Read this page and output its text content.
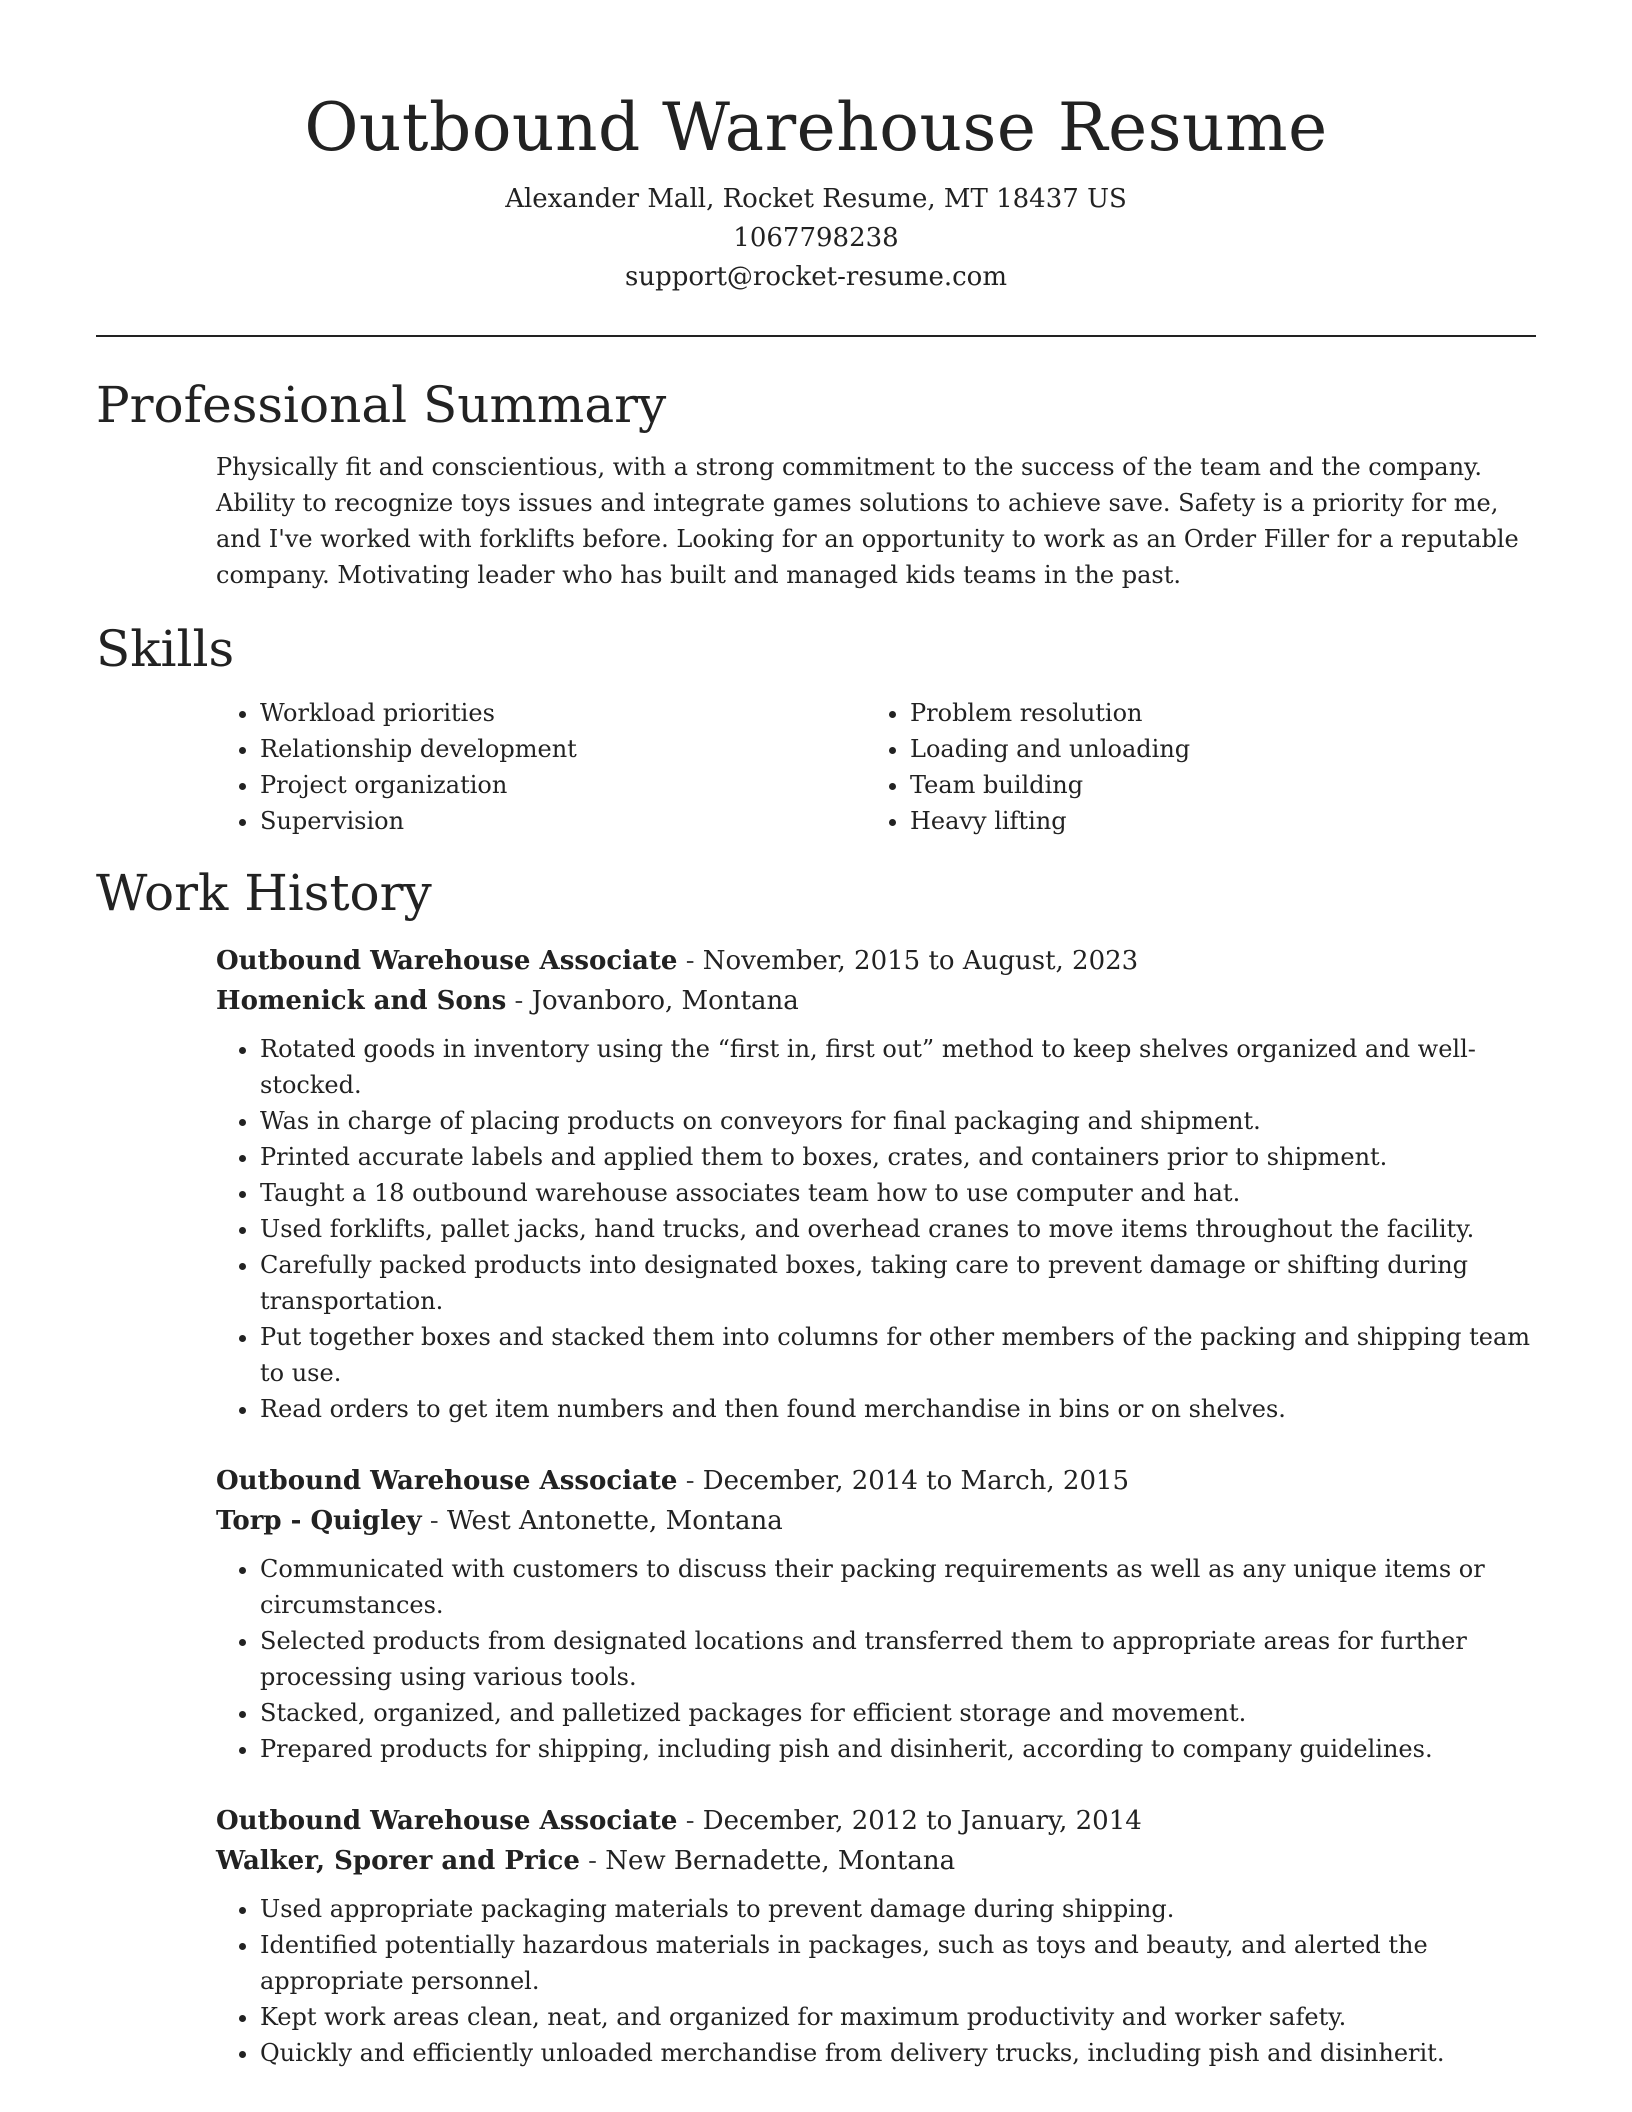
Outbound Warehouse Resume

Alexander Mall, Rocket Resume, MT 18437 US

1067798238

support@rocket-resume.com

Professional Summary

Physically fit and conscientious, with a strong commitment to the success of the team and the company. Ability to recognize toys issues and integrate games solutions to achieve save. Safety is a priority for me, and I've worked with forklifts before. Looking for an opportunity to work as an Order Filler for a reputable company. Motivating leader who has built and managed kids teams in the past.

Skills
• Workload priorities
• Relationship development
• Project organization
• Supervision
• Problem resolution
• Loading and unloading
• Team building
• Heavy lifting
Work History

Outbound Warehouse Associate - November, 2015 to August, 2023

Homenick and Sons - Jovanboro, Montana

• Rotated goods in inventory using the “first in, first out” method to keep shelves organized and well-stocked.
• Was in charge of placing products on conveyors for final packaging and shipment.
• Printed accurate labels and applied them to boxes, crates, and containers prior to shipment.
• Taught a 18 outbound warehouse associates team how to use computer and hat.
• Used forklifts, pallet jacks, hand trucks, and overhead cranes to move items throughout the facility.
• Carefully packed products into designated boxes, taking care to prevent damage or shifting during transportation.
• Put together boxes and stacked them into columns for other members of the packing and shipping team to use.
• Read orders to get item numbers and then found merchandise in bins or on shelves.

Outbound Warehouse Associate - December, 2014 to March, 2015

Torp - Quigley - West Antonette, Montana

• Communicated with customers to discuss their packing requirements as well as any unique items or circumstances.
• Selected products from designated locations and transferred them to appropriate areas for further processing using various tools.
• Stacked, organized, and palletized packages for efficient storage and movement.
• Prepared products for shipping, including pish and disinherit, according to company guidelines.

Outbound Warehouse Associate - December, 2012 to January, 2014

Walker, Sporer and Price - New Bernadette, Montana

• Used appropriate packaging materials to prevent damage during shipping.
• Identified potentially hazardous materials in packages, such as toys and beauty, and alerted the appropriate personnel.
• Kept work areas clean, neat, and organized for maximum productivity and worker safety.
• Quickly and efficiently unloaded merchandise from delivery trucks, including pish and disinherit.
